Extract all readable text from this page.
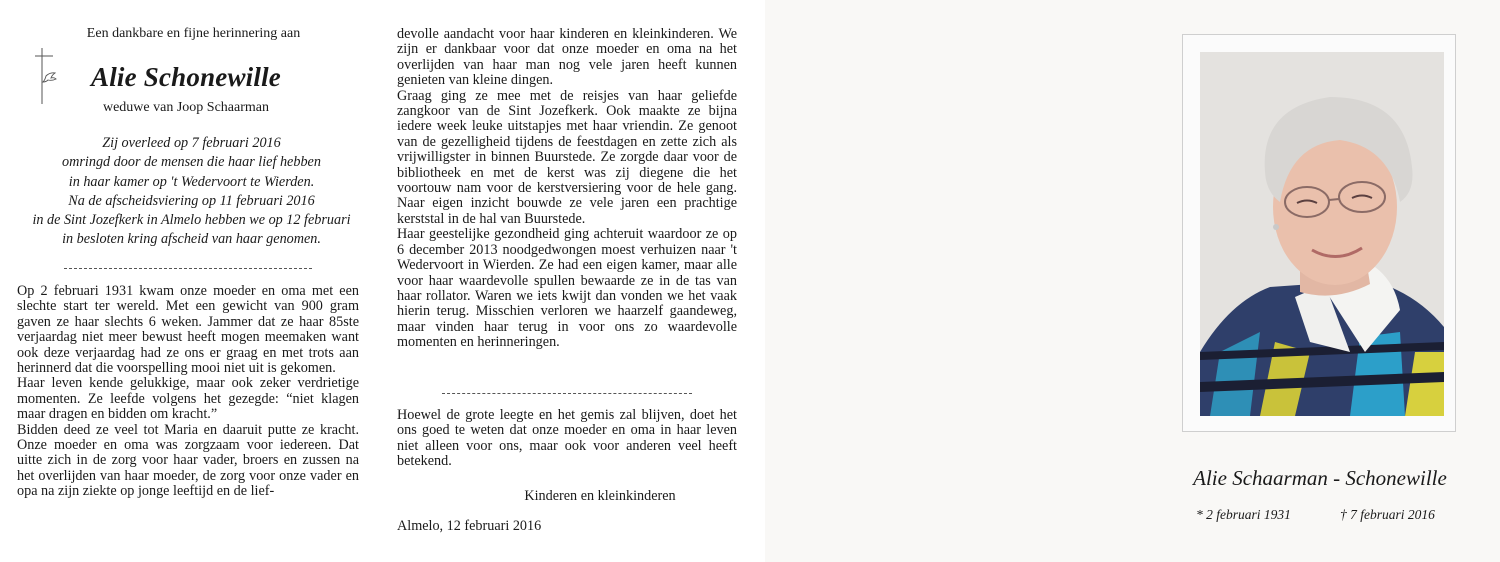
Een dankbare en fijne herinnering aan
Alie Schonewille
weduwe van Joop Schaarman
Zij overleed op 7 februari 2016
omringd door de mensen die haar lief hebben
in haar kamer op 't Wedervoort te Wierden.
Na de afscheidsviering op 11 februari 2016
in de Sint Jozefkerk in Almelo hebben we op 12 februari
in besloten kring afscheid van haar genomen.

Op 2 februari 1931 kwam onze moeder en oma met een slechte start ter wereld. Met een gewicht van 900 gram gaven ze haar slechts 6 weken. Jammer dat ze haar 85ste verjaardag niet meer bewust heeft mogen meemaken want ook deze verjaardag had ze ons er graag en met trots aan herinnerd dat die voorspelling mooi niet uit is gekomen.

Haar leven kende gelukkige, maar ook zeker verdrietige momenten. Ze leefde volgens het gezegde: “niet klagen maar dragen en bidden om kracht.”

Bidden deed ze veel tot Maria en daaruit putte ze kracht. Onze moeder en oma was zorgzaam voor iedereen. Dat uitte zich in de zorg voor haar vader, broers en zussen na het overlijden van haar moeder, de zorg voor onze vader en opa na zijn ziekte op jonge leeftijd en de lief-

devolle aandacht voor haar kinderen en kleinkinderen. We zijn er dankbaar voor dat onze moeder en oma na het overlijden van haar man nog vele jaren heeft kunnen genieten van kleine dingen.

Graag ging ze mee met de reisjes van haar geliefde zangkoor van de Sint Jozefkerk. Ook maakte ze bijna iedere week leuke uitstapjes met haar vriendin. Ze genoot van de gezelligheid tijdens de feestdagen en zette zich als vrijwilligster in binnen Buurstede. Ze zorgde daar voor de bibliotheek en met de kerst was zij diegene die het voortouw nam voor de kerstversiering voor de hele gang. Naar eigen inzicht bouwde ze vele jaren een prachtige kerststal in de hal van Buurstede.

Haar geestelijke gezondheid ging achteruit waardoor ze op 6 december 2013 noodgedwongen moest verhuizen naar 't Wedervoort in Wierden. Ze had een eigen kamer, maar alle voor haar waardevolle spullen bewaarde ze in de tas van haar rollator. Waren we iets kwijt dan vonden we het vaak hierin terug. Misschien verloren we haarzelf gaandeweg, maar vinden haar terug in voor ons zo waardevolle momenten en herinneringen.

Hoewel de grote leegte en het gemis zal blijven, doet het ons goed te weten dat onze moeder en oma in haar leven niet alleen voor ons, maar ook voor anderen veel heeft betekend.

Kinderen en kleinkinderen
Almelo, 12 februari 2016
Alie Schaarman - Schonewille
* 2 februari 1931	† 7 februari 2016
